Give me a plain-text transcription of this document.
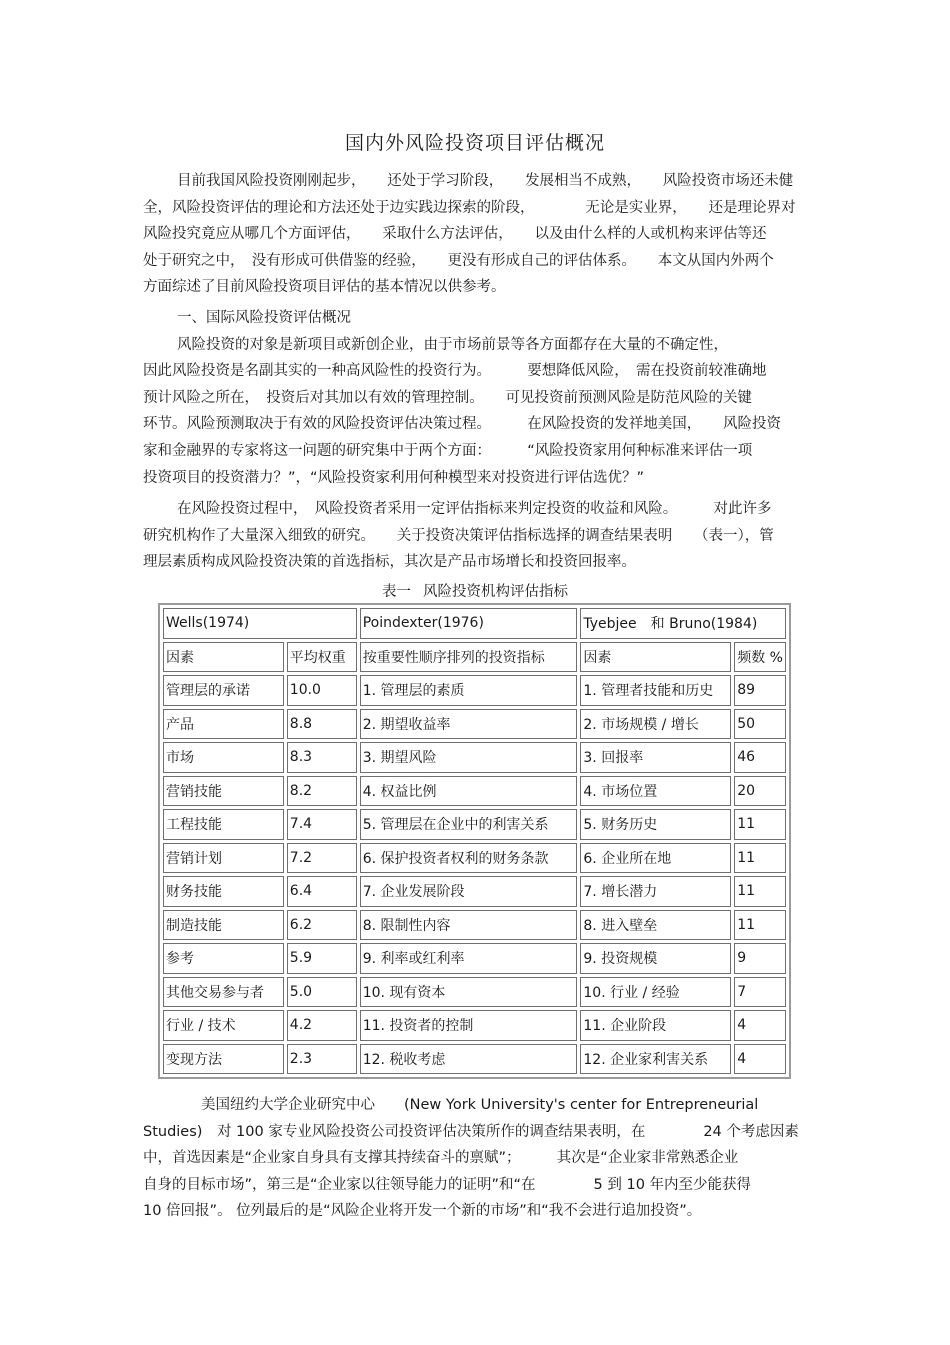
国内外风险投资项目评估概况

目前我国风险投资刚刚起步，　　还处于学习阶段，　　发展相当不成熟，　　风险投资市场还未健

全，风险投资评估的理论和方法还处于边实践边探索的阶段，　　　　无论是实业界，　　还是理论界对

风险投究竟应从哪几个方面评估，　　采取什么方法评估，　　以及由什么样的人或机构来评估等还

处于研究之中，　没有形成可供借鉴的经验，　　更没有形成自己的评估体系。　　本文从国内外两个

方面综述了目前风险投资项目评估的基本情况以供参考。

一、国际风险投资评估概况

风险投资的对象是新项目或新创企业，由于市场前景等各方面都存在大量的不确定性，

因此风险投资是名副其实的一种高风险性的投资行为。　　　要想降低风险，　需在投资前较准确地

预计风险之所在，　投资后对其加以有效的管理控制。　　可见投资前预测风险是防范风险的关键

环节。风险预测取决于有效的风险投资评估决策过程。　　　在风险投资的发祥地美国，　　风险投资

家和金融界的专家将这一问题的研究集中于两个方面：　　　“风险投资家用何种标准来评估一项

投资项目的投资潜力？”，“风险投资家利用何种模型来对投资进行评估选优？”

在风险投资过程中，　风险投资者采用一定评估指标来判定投资的收益和风险。　　　对此许多

研究机构作了大量深入细致的研究。　　关于投资决策评估指标选择的调查结果表明　　（表一），管

理层素质构成风险投资决策的首选指标，其次是产品市场增长和投资回报率。

表一 风险投资机构评估指标
Wells(1974)		Poindexter(1976)	Tyebjee　和 Bruno(1984)	
因素	平均权重	按重要性顺序排列的投资指标	因素	频数 %
管理层的承诺	10.0	1. 管理层的素质	1. 管理者技能和历史	89
产品	8.8	2. 期望收益率	2. 市场规模 / 增长	50
市场	8.3	3. 期望风险	3. 回报率	46
营销技能	8.2	4. 权益比例	4. 市场位置	20
工程技能	7.4	5. 管理层在企业中的利害关系	5. 财务历史	11
营销计划	7.2	6. 保护投资者权利的财务条款	6. 企业所在地	11
财务技能	6.4	7. 企业发展阶段	7. 增长潜力	11
制造技能	6.2	8. 限制性内容	8. 进入壁垒	11
参考	5.9	9. 利率或红利率	9. 投资规模	9
其他交易参与者	5.0	10. 现有资本	10. 行业 / 经验	7
行业 / 技术	4.2	11. 投资者的控制	11. 企业阶段	4
变现方法	2.3	12. 税收考虑	12. 企业家利害关系	4

美国纽约大学企业研究中心　　(New York University's center for Entrepreneurial

Studies)　对 100 家专业风险投资公司投资评估决策所作的调查结果表明，在　　　　24 个考虑因素

中，首选因素是“企业家自身具有支撑其持续奋斗的禀赋”；　　　其次是“企业家非常熟悉企业

自身的目标市场”，第三是“企业家以往领导能力的证明”和“在　　　　5 到 10 年内至少能获得

10 倍回报”。 位列最后的是“风险企业将开发一个新的市场”和“我不会进行追加投资”。
